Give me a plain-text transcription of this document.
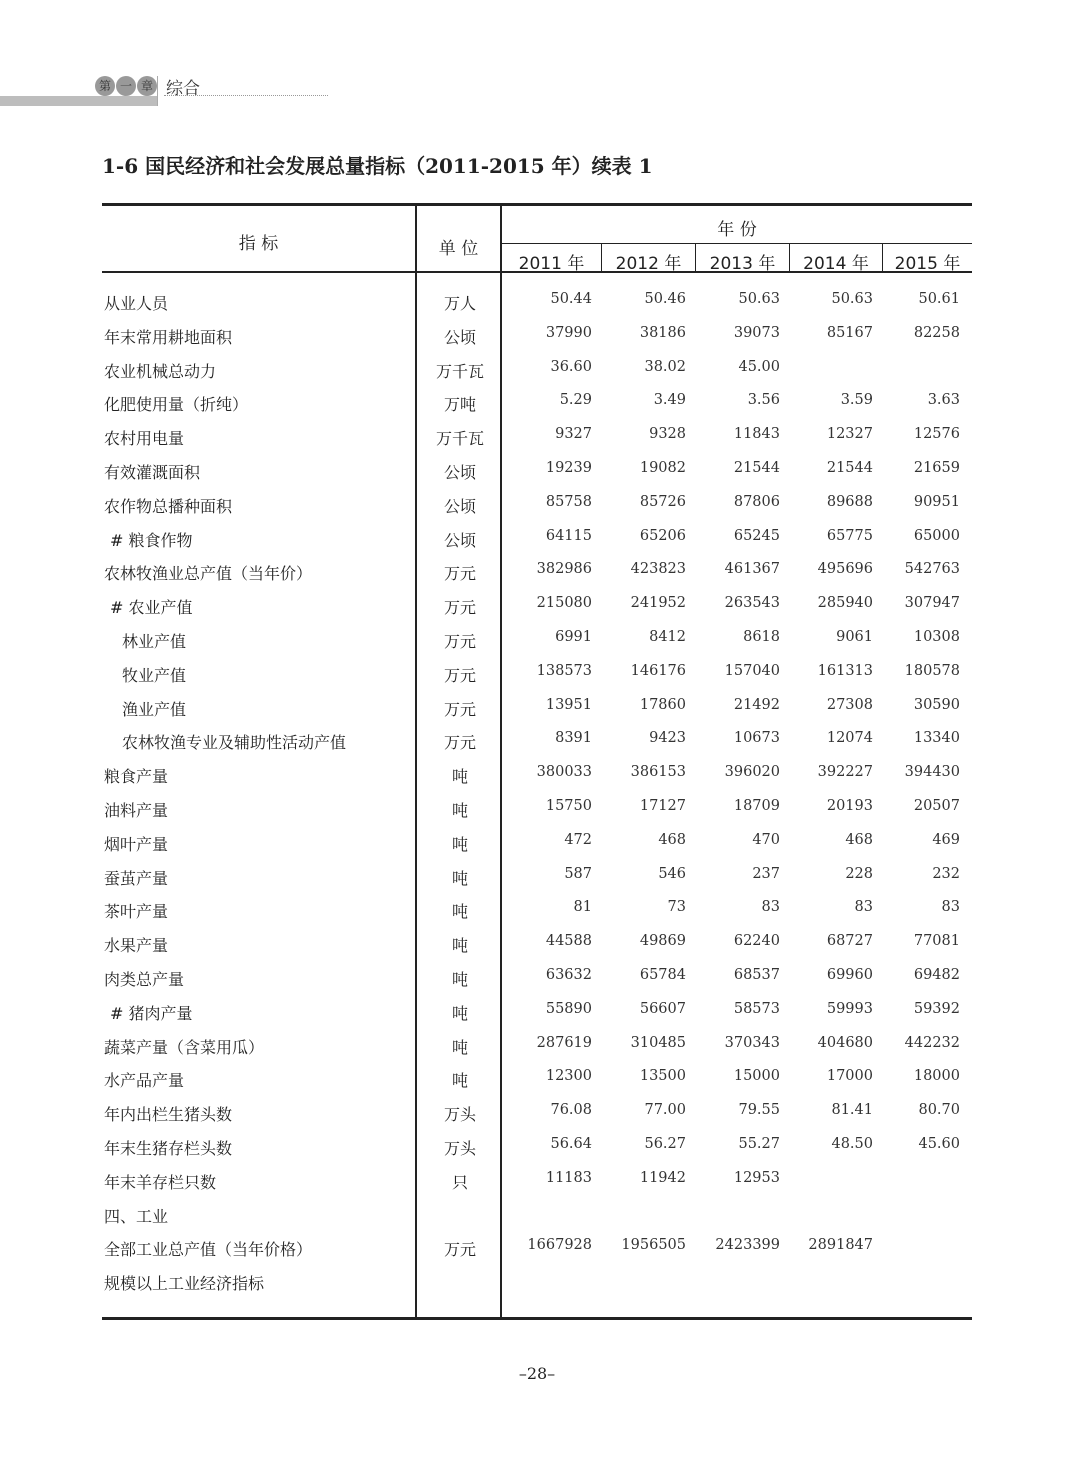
第 一 章 综合
1-6 国民经济和社会发展总量指标（2011-2015 年）续表 1
指 标	单 位
年 份
2011 年	2012 年	2013 年	2014 年	2015 年
从业人员	万人	50.44	50.46	50.63	50.63	50.61
年末常用耕地面积	公顷	37990	38186	39073	85167	82258
农业机械总动力	万千瓦	36.60	38.02	45.00
化肥使用量（折纯）	万吨	5.29	3.49	3.56	3.59	3.63
农村用电量	万千瓦	9327	9328	11843	12327	12576
有效灌溉面积	公顷	19239	19082	21544	21544	21659
农作物总播种面积	公顷	85758	85726	87806	89688	90951
# 粮食作物	公顷	64115	65206	65245	65775	65000
农林牧渔业总产值（当年价）	万元	382986	423823	461367	495696 542763
# 农业产值	万元	215080	241952	263543	285940 307947
林业产值	万元	6991	8412	8618	9061	10308
牧业产值	万元	138573	146176	157040	161313 180578
渔业产值	万元	13951	17860	21492	27308	30590
农林牧渔专业及辅助性活动产值	万元	8391	9423	10673	12074	13340
粮食产量	吨	380033	386153	396020	392227 394430
油料产量	吨	15750	17127	18709	20193	20507
烟叶产量	吨	472	468	470	468	469
蚕茧产量	吨	587	546	237	228	232
茶叶产量	吨	81	73	83	83	83
水果产量	吨	44588	49869	62240	68727	77081
肉类总产量	吨	63632	65784	68537	69960	69482
# 猪肉产量	吨	55890	56607	58573	59993	59392
蔬菜产量（含菜用瓜）	吨	287619	310485	370343	404680 442232
水产品产量	吨	12300	13500	15000	17000	18000
年内出栏生猪头数	万头	76.08	77.00	79.55	81.41	80.70
年末生猪存栏头数	万头	56.64	56.27	55.27	48.50	45.60
年末羊存栏只数	只	11183	11942	12953
四、工业
全部工业总产值（当年价格）	万元	1667928 1956505 2423399 2891847
规模以上工业经济指标
–28–
